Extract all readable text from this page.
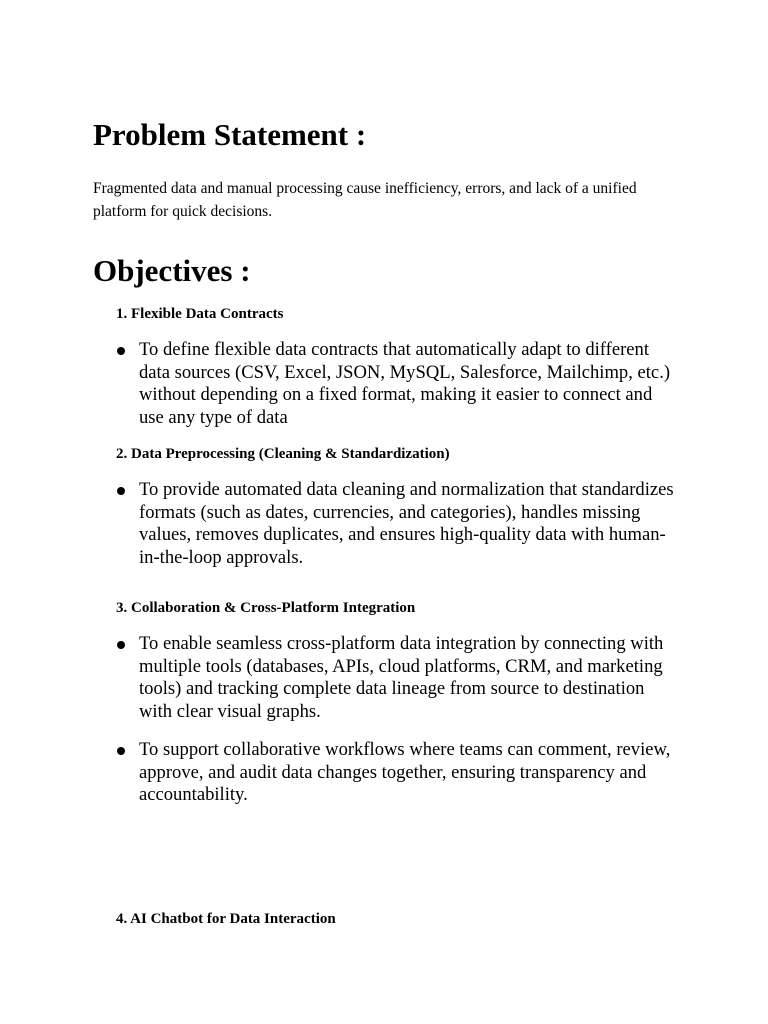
Problem Statement :

Fragmented data and manual processing cause inefficiency, errors, and lack of a unified platform for quick decisions.

Objectives :

1. Flexible Data Contracts

To define flexible data contracts that automatically adapt to different data sources (CSV, Excel, JSON, MySQL, Salesforce, Mailchimp, etc.) without depending on a fixed format, making it easier to connect and use any type of data

2. Data Preprocessing (Cleaning & Standardization)

To provide automated data cleaning and normalization that standardizes formats (such as dates, currencies, and categories), handles missing values, removes duplicates, and ensures high-quality data with human-in-the-loop approvals.

3. Collaboration & Cross-Platform Integration

To enable seamless cross-platform data integration by connecting with multiple tools (databases, APIs, cloud platforms, CRM, and marketing tools) and tracking complete data lineage from source to destination with clear visual graphs.

To support collaborative workflows where teams can comment, review, approve, and audit data changes together, ensuring transparency and accountability.

4. AI Chatbot for Data Interaction
